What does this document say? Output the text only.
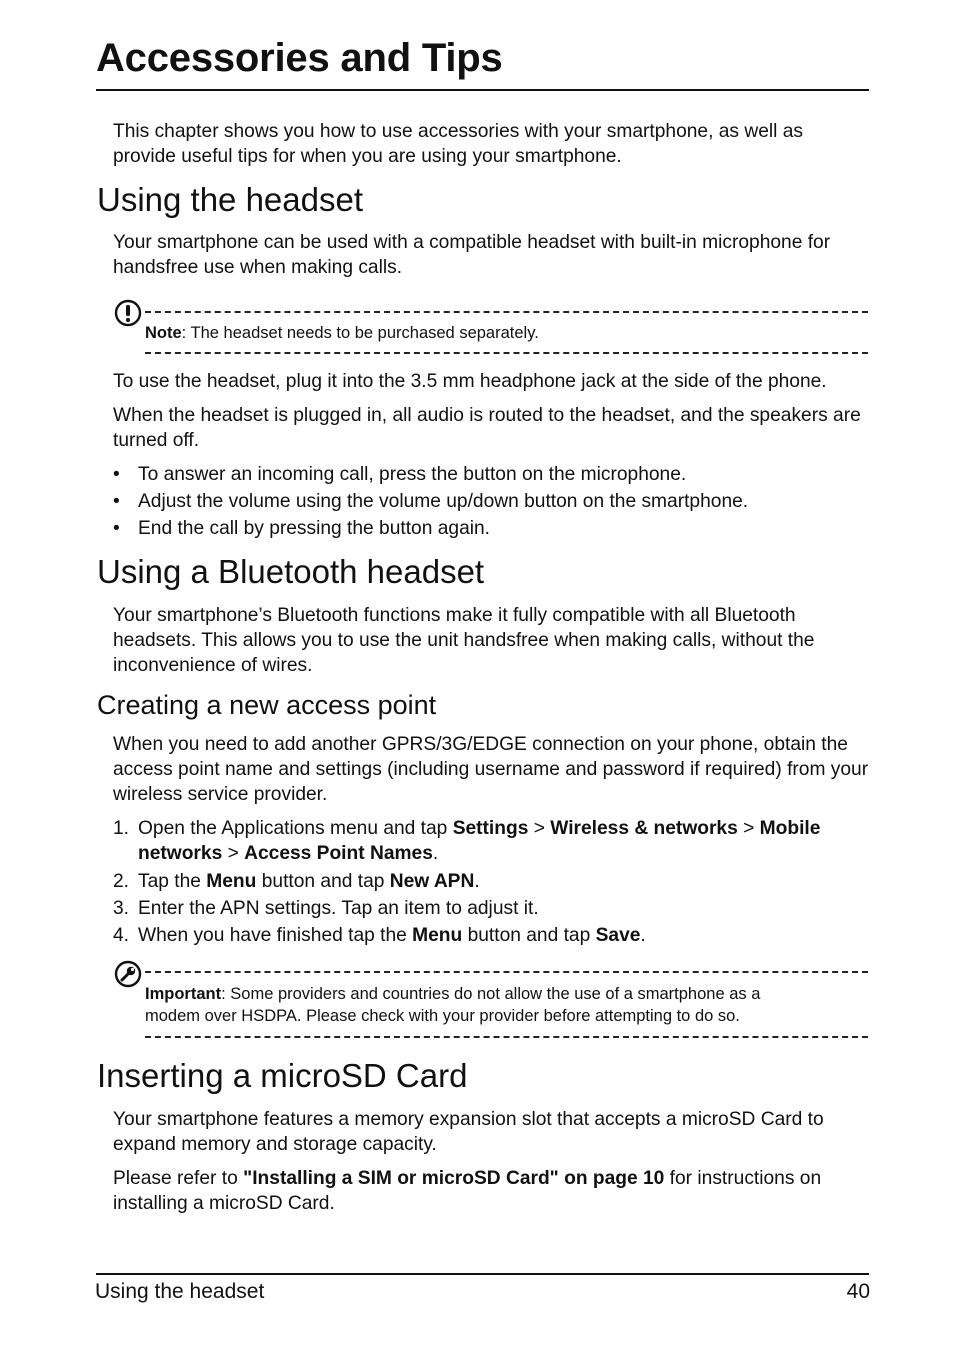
Accessories and Tips

This chapter shows you how to use accessories with your smartphone, as well as provide useful tips for when you are using your smartphone.

Using the headset

Your smartphone can be used with a compatible headset with built-in microphone for handsfree use when making calls.

Note: The headset needs to be purchased separately.

To use the headset, plug it into the 3.5 mm headphone jack at the side of the phone.

When the headset is plugged in, all audio is routed to the headset, and the speakers are turned off.

• To answer an incoming call, press the button on the microphone.
• Adjust the volume using the volume up/down button on the smartphone.
• End the call by pressing the button again.
Using a Bluetooth headset

Your smartphone’s Bluetooth functions make it fully compatible with all Bluetooth headsets. This allows you to use the unit handsfree when making calls, without the inconvenience of wires.

Creating a new access point

When you need to add another GPRS/3G/EDGE connection on your phone, obtain the access point name and settings (including username and password if required) from your wireless service provider.

1. Open the Applications menu and tap Settings > Wireless & networks > Mobile
networks > Access Point Names.
2. Tap the Menu button and tap New APN.
3. Enter the APN settings. Tap an item to adjust it.
4. When you have finished tap the Menu button and tap Save.
Important: Some providers and countries do not allow the use of a smartphone as a
modem over HSDPA. Please check with your provider before attempting to do so.
Inserting a microSD Card

Your smartphone features a memory expansion slot that accepts a microSD Card to expand memory and storage capacity.

Please refer to "Installing a SIM or microSD Card" on page 10 for instructions on installing a microSD Card.

Using the headset	40
